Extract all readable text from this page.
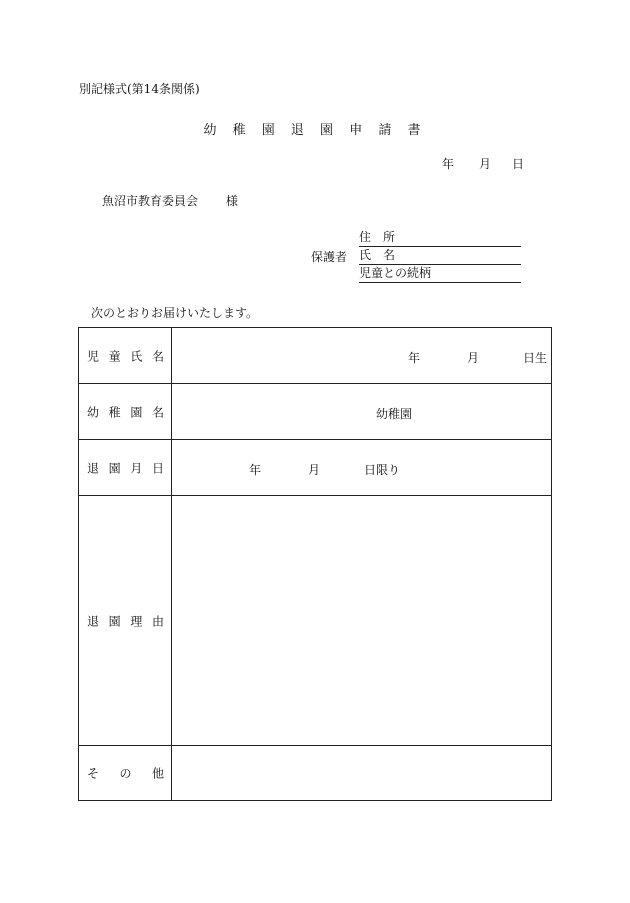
別記様式(第14条関係)
幼 稚 園 退 園 申 請 書
年 月 日
魚沼市教育委員会 様
保護者
住　所
氏　名
児童との続柄
次のとおりお届けいたします。
児 童 氏 名	年	月	日生
幼 稚 園 名	幼稚園
退 園 月 日	年	月	日限り
退 園 理 由
そ の 他
